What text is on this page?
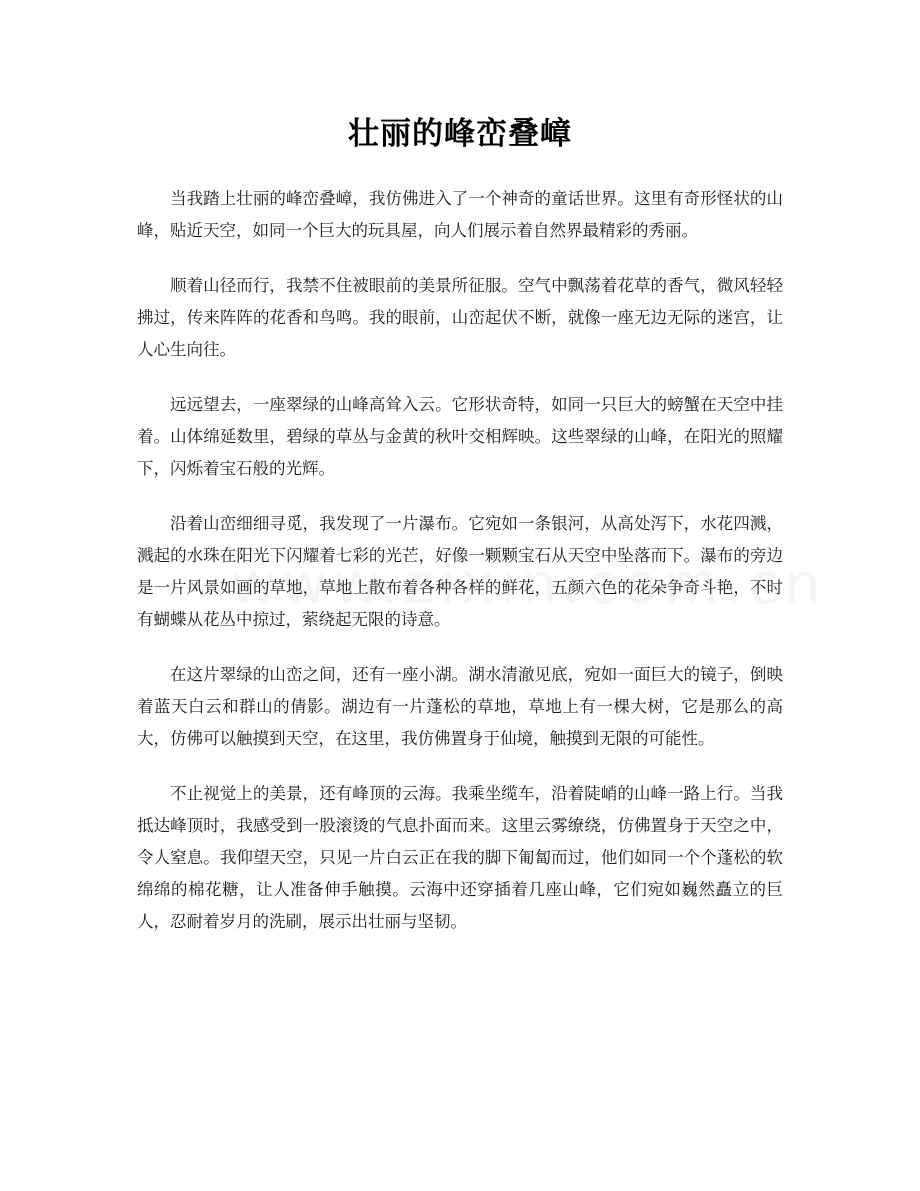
壮丽的峰峦叠嶂

当我踏上壮丽的峰峦叠嶂，我仿佛进入了一个神奇的童话世界。这里有奇形怪状的山峰，贴近天空，如同一个巨大的玩具屋，向人们展示着自然界最精彩的秀丽。

顺着山径而行，我禁不住被眼前的美景所征服。空气中飘荡着花草的香气，微风轻轻拂过，传来阵阵的花香和鸟鸣。我的眼前，山峦起伏不断，就像一座无边无际的迷宫，让人心生向往。

远远望去，一座翠绿的山峰高耸入云。它形状奇特，如同一只巨大的螃蟹在天空中挂着。山体绵延数里，碧绿的草丛与金黄的秋叶交相辉映。这些翠绿的山峰，在阳光的照耀下，闪烁着宝石般的光辉。

沿着山峦细细寻觅，我发现了一片瀑布。它宛如一条银河，从高处泻下，水花四溅，溅起的水珠在阳光下闪耀着七彩的光芒，好像一颗颗宝石从天空中坠落而下。瀑布的旁边是一片风景如画的草地，草地上散布着各种各样的鲜花，五颜六色的花朵争奇斗艳，不时有蝴蝶从花丛中掠过，萦绕起无限的诗意。

在这片翠绿的山峦之间，还有一座小湖。湖水清澈见底，宛如一面巨大的镜子，倒映着蓝天白云和群山的倩影。湖边有一片蓬松的草地，草地上有一棵大树，它是那么的高大，仿佛可以触摸到天空，在这里，我仿佛置身于仙境，触摸到无限的可能性。

不止视觉上的美景，还有峰顶的云海。我乘坐缆车，沿着陡峭的山峰一路上行。当我抵达峰顶时，我感受到一股滚烫的气息扑面而来。这里云雾缭绕，仿佛置身于天空之中，令人窒息。我仰望天空，只见一片白云正在我的脚下匍匐而过，他们如同一个个蓬松的软绵绵的棉花糖，让人准备伸手触摸。云海中还穿插着几座山峰，它们宛如巍然矗立的巨人，忍耐着岁月的洗刷，展示出壮丽与坚韧。
